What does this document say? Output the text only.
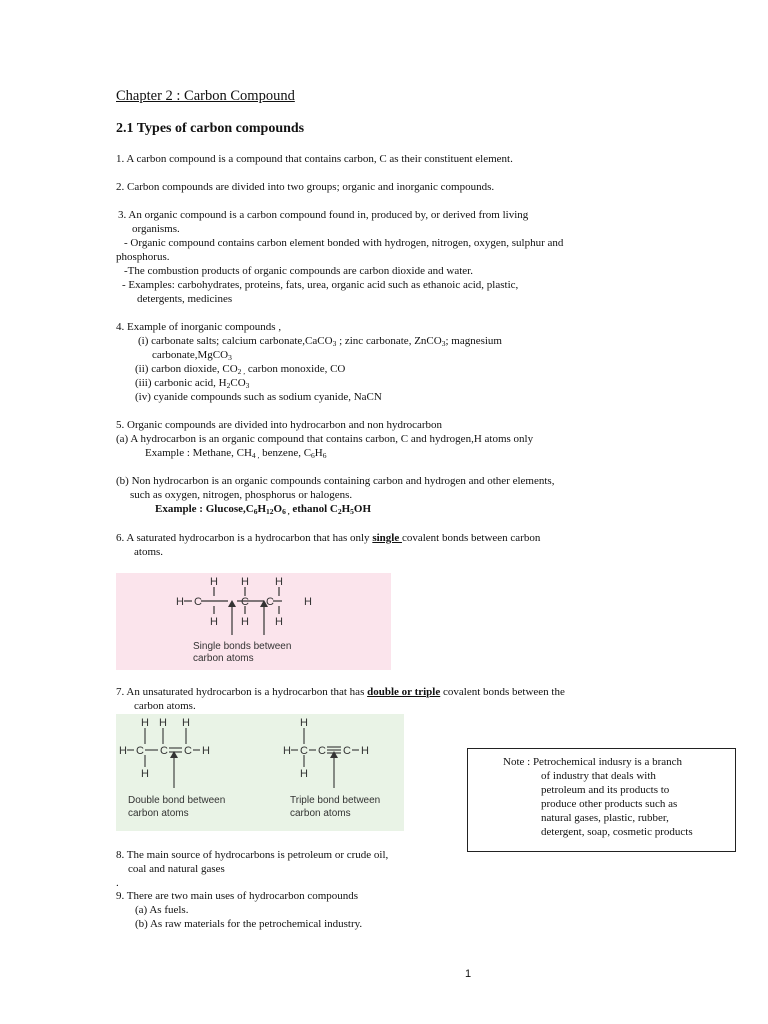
Chapter 2 : Carbon Compound
2.1 Types of carbon compounds
1. A carbon compound is a compound that contains carbon, C as their constituent element.
2. Carbon compounds are divided into two groups; organic and inorganic compounds.
3. An organic compound is a carbon compound found in, produced by, or derived from living
organisms.
- Organic compound contains carbon element bonded with hydrogen, nitrogen, oxygen, sulphur and
phosphorus.
-The combustion products of organic compounds are carbon dioxide and water.
- Examples: carbohydrates, proteins, fats, urea, organic acid such as ethanoic acid, plastic,
detergents, medicines
4. Example of inorganic compounds ,
(i) carbonate salts; calcium carbonate,CaCO$_3$ ; zinc carbonate, ZnCO$_3$; magnesium
carbonate,MgCO$_3$
(ii) carbon dioxide, $CO_{2 ,}$ carbon monoxide, CO
(iii) carbonic acid, $H_2CO_3$
(iv) cyanide compounds such as sodium cyanide, NaCN
5. Organic compounds are divided into hydrocarbon and non hydrocarbon
(a) A hydrocarbon is an organic compound that contains carbon, C and hydrogen,H atoms only
Example : Methane, $CH_{4 ,}$ benzene, $C_6H_6$
(b) Non hydrocarbon is an organic compounds containing carbon and hydrogen and other elements,
such as oxygen, nitrogen, phosphorus or halogens.
Example : $Glucose,C_6H_{12}O_{6 ,}$ ethanol $C_2H_5OH$
6. A saturated hydrocarbon is a hydrocarbon that has only single covalent bonds between carbon
atoms.
H H H
H C	C C	H
H H H
Single bonds between
carbon atoms
7. An unsaturated hydrocarbon is a hydrocarbon that has double or triple covalent bonds between the
carbon atoms.
H H H
H C C C H
H
H
H C C C H
H
Double bond between
carbon atoms
Triple bond between
carbon atoms
Note : Petrochemical indusry is a branch
of industry that deals with
petroleum and its products to
produce other products such as
natural gases, plastic, rubber,
detergent, soap, cosmetic products
8. The main source of hydrocarbons is petroleum or crude oil,
coal and natural gases
.
9. There are two main uses of hydrocarbon compounds
(a) As fuels.
(b) As raw materials for the petrochemical industry.
1
